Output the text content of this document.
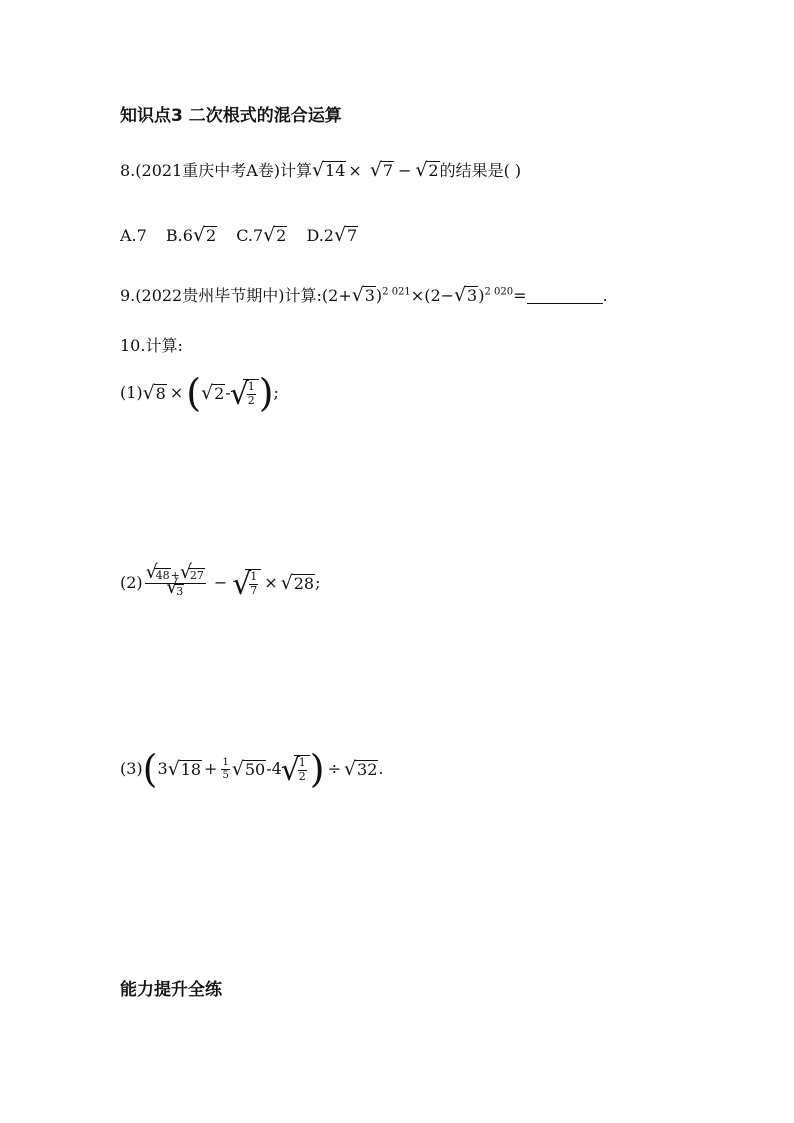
知识点3 二次根式的混合运算
8.(2021重庆中考A卷)计算 √ 14 × √ 7 − √ 2的结果是( )
A.7 B.6 √ 2 C.7 √ 2 D.2 √ 7
9.(2022贵州毕节期中)计算:(2+ √ 3)$^{2 021}$×(2− √ 3)$^{2 020}$=	.
10.计算:
(1) √ 8 ×( √ 2- √ $\frac{1}{2}$ );
(2) √ 48+ √ 27
√ 3 − √ $\frac{1}{7}$ × √ 28;
(3)(3 √ $18 + \frac{1}{5}$ √ 50-4 √ $\frac{1}{2}$ ) ÷ √ 32.
能力提升全练
